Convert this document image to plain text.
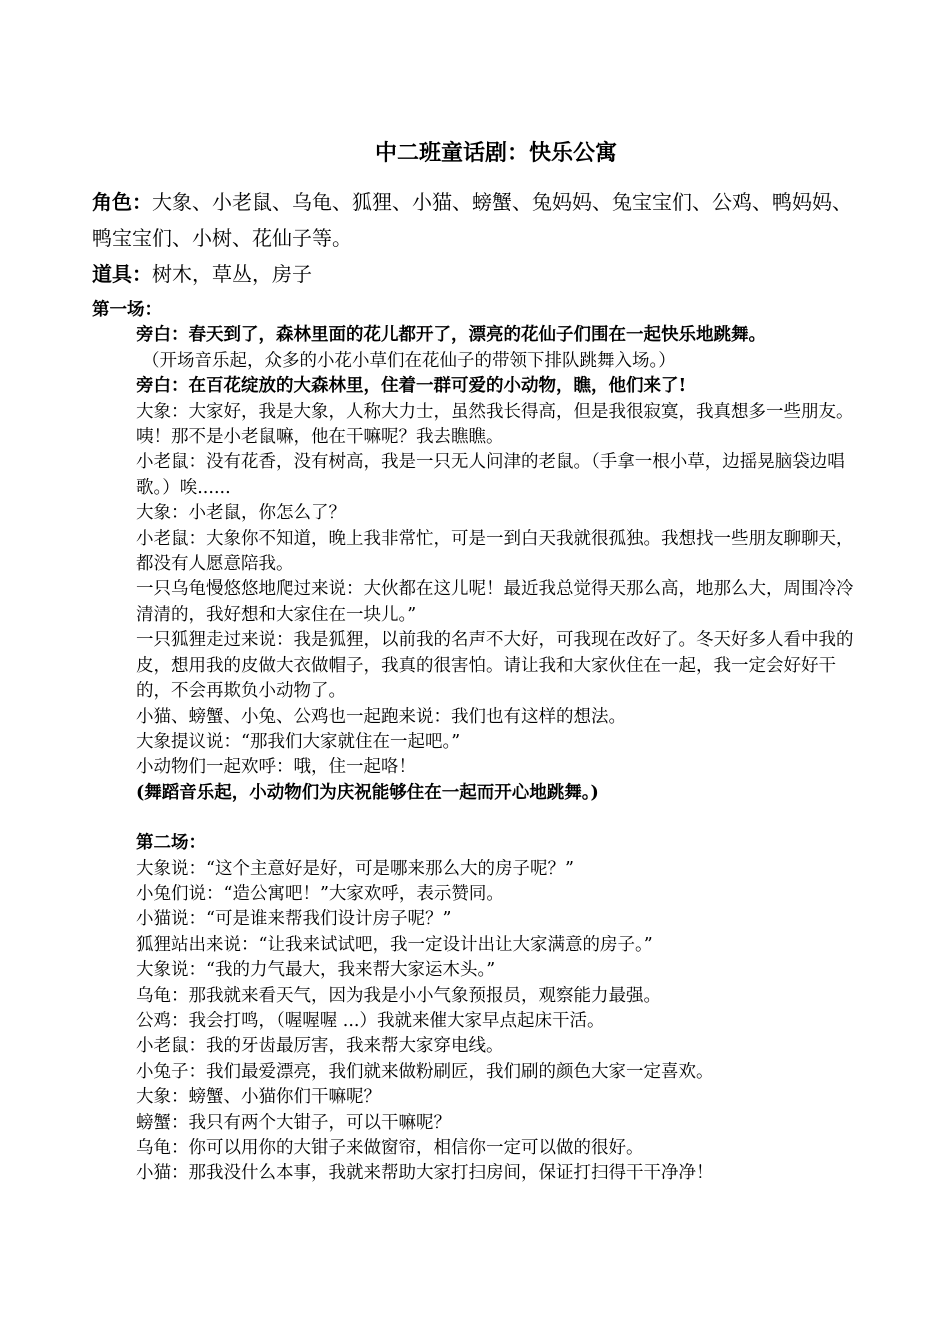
中二班童话剧：快乐公寓
角色：大象、小老鼠、乌龟、狐狸、小猫、螃蟹、兔妈妈、兔宝宝们、公鸡、鸭妈妈、鸭宝宝们、小树、花仙子等。
道具：树木，草丛，房子
第一场：
旁白：春天到了，森林里面的花儿都开了，漂亮的花仙子们围在一起快乐地跳舞。
（开场音乐起，众多的小花小草们在花仙子的带领下排队跳舞入场。）
旁白：在百花绽放的大森林里，住着一群可爱的小动物，瞧，他们来了!
大象：大家好，我是大象，人称大力士，虽然我长得高，但是我很寂寞，我真想多一些朋友。咦！那不是小老鼠嘛，他在干嘛呢？我去瞧瞧。
小老鼠：没有花香，没有树高，我是一只无人问津的老鼠。（手拿一根小草，边摇晃脑袋边唱歌。）唉......
大象：小老鼠，你怎么了？
小老鼠：大象你不知道，晚上我非常忙，可是一到白天我就很孤独。我想找一些朋友聊聊天，都没有人愿意陪我。
一只乌龟慢悠悠地爬过来说：大伙都在这儿呢！最近我总觉得天那么高，地那么大，周围冷冷清清的，我好想和大家住在一块儿。”
一只狐狸走过来说：我是狐狸，以前我的名声不大好，可我现在改好了。冬天好多人看中我的皮，想用我的皮做大衣做帽子，我真的很害怕。请让我和大家伙住在一起，我一定会好好干的，不会再欺负小动物了。
小猫、螃蟹、小兔、公鸡也一起跑来说：我们也有这样的想法。
大象提议说：“那我们大家就住在一起吧。”
小动物们一起欢呼：哦，住一起咯！
(舞蹈音乐起，小动物们为庆祝能够住在一起而开心地跳舞。)
第二场：
大象说：“这个主意好是好，可是哪来那么大的房子呢？”
小兔们说：“造公寓吧！”大家欢呼，表示赞同。
小猫说：“可是谁来帮我们设计房子呢？”
狐狸站出来说：“让我来试试吧，我一定设计出让大家满意的房子。”
大象说：“我的力气最大，我来帮大家运木头。”
乌龟：那我就来看天气，因为我是小小气象预报员，观察能力最强。
公鸡：我会打鸣，（喔喔喔 ...）我就来催大家早点起床干活。
小老鼠：我的牙齿最厉害，我来帮大家穿电线。
小兔子：我们最爱漂亮，我们就来做粉刷匠，我们刷的颜色大家一定喜欢。
大象：螃蟹、小猫你们干嘛呢？
螃蟹：我只有两个大钳子，可以干嘛呢？
乌龟：你可以用你的大钳子来做窗帘，相信你一定可以做的很好。
小猫：那我没什么本事，我就来帮助大家打扫房间，保证打扫得干干净净！
